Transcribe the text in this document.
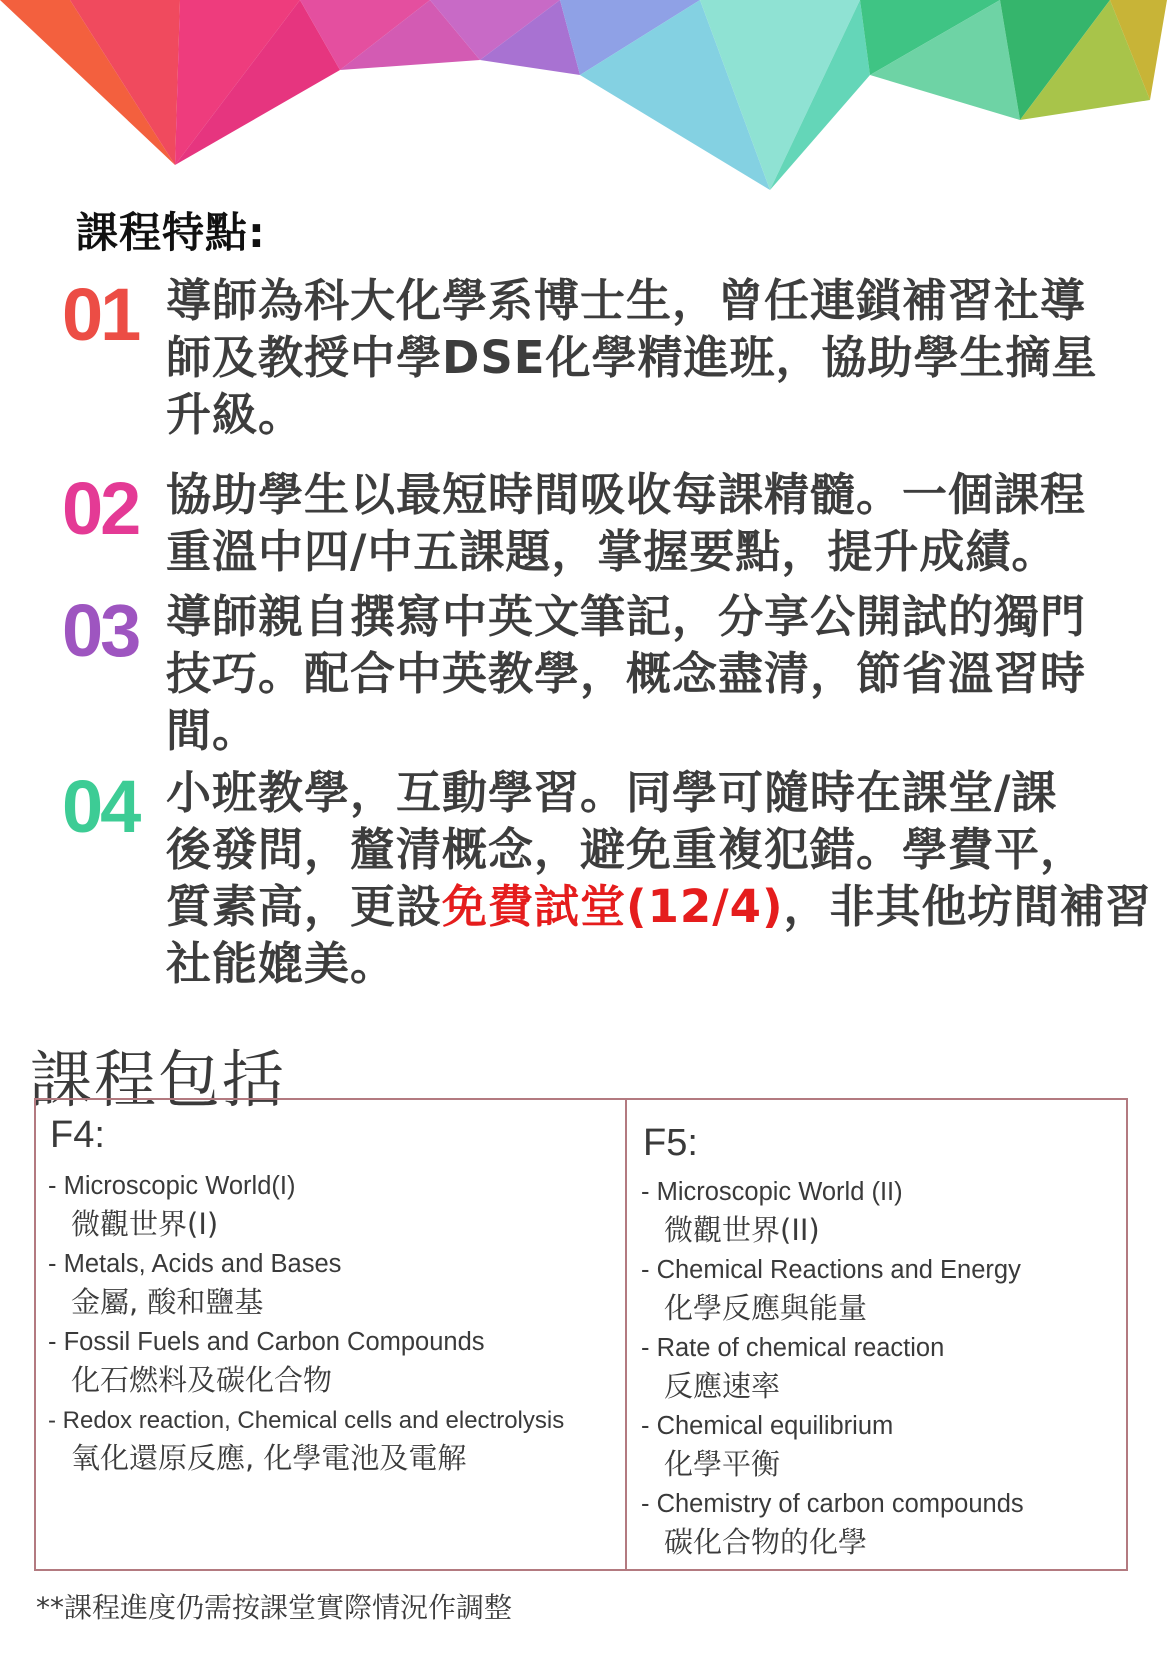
課程特點:
01 導師為科大化學系博士生，曾任連鎖補習社導
師及教授中學DSE化學精進班，協助學生摘星
升級。

02 協助學生以最短時間吸收每課精髓。一個課程
重溫中四/中五課題，掌握要點，提升成績。

03 導師親自撰寫中英文筆記，分享公開試的獨門
技巧。配合中英教學，概念盡清，節省溫習時
間。

04 小班教學，互動學習。同學可隨時在課堂/課
後發問，釐清概念，避免重複犯錯。學費平，
質素高，更設免費試堂(12/4)，非其他坊間補習
社能媲美。

課程包括
F4:
- Microscopic World(I)
微觀世界(I)
- Metals, Acids and Bases
金屬, 酸和鹽基
- Fossil Fuels and Carbon Compounds
化石燃料及碳化合物
- Redox reaction, Chemical cells and electrolysis
氧化還原反應, 化學電池及電解
F5:
- Microscopic World (II)
微觀世界(II)
- Chemical Reactions and Energy
化學反應與能量
- Rate of chemical reaction
反應速率
- Chemical equilibrium
化學平衡
- Chemistry of carbon compounds
碳化合物的化學

**課程進度仍需按課堂實際情況作調整
